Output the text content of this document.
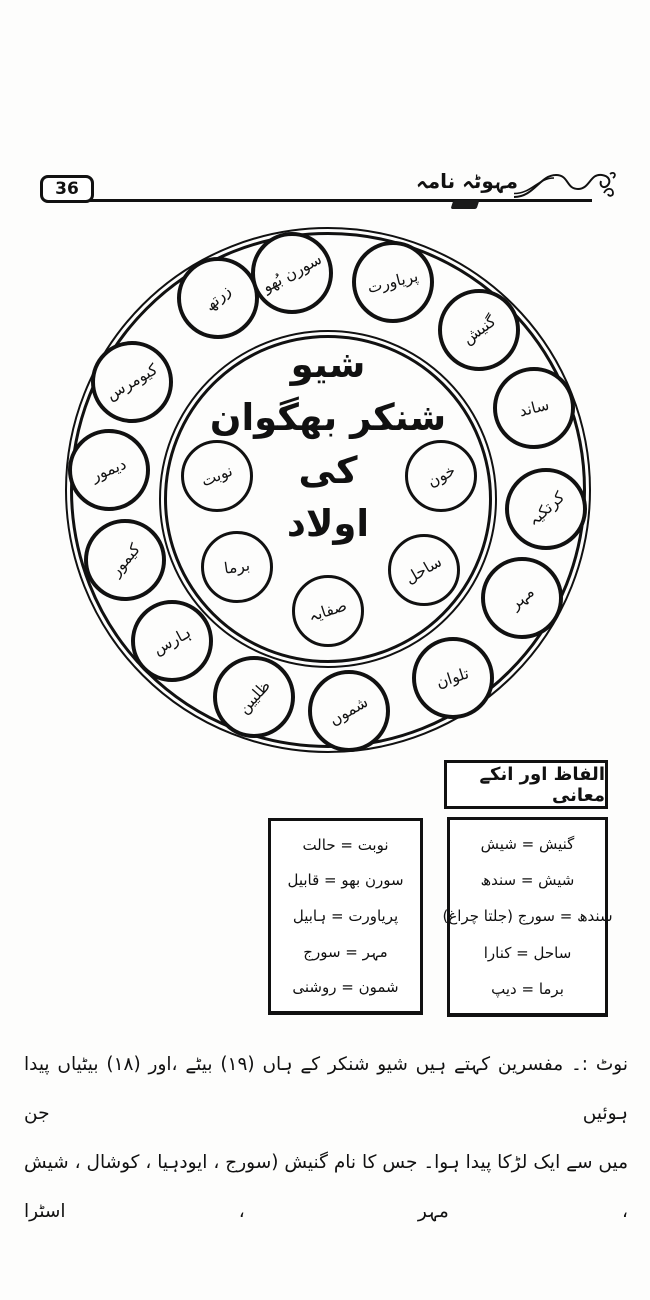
36	مہوٹہ نامہ
شیو
شنکر بھگوان
کی
اولاد
زرتھ
سورن بُھو	پریاورت
گنیش
ساند
کرتکیہ
مہر
تلوان
شموں
ظلیین
ہارس
کیمور
دیمور
کیومرس
نوبت
برما
صفایہ
ساحل
خون
الفاظ اور انکے معانی
گنیش = شیش
شیش = سندھ
سندھ = سورج (جلتا چراغ)
ساحل = کنارا
برما = دیپ
نوبت = حالت
سورن بھو = قابیل
پریاورت = ہابیل
مہر = سورج
شمون = روشنی
نوٹ :۔ مفسرین کہتے ہیں شیو شنکر کے ہاں (۱۹) بیٹے ،اور (۱۸) بیٹیاں پیدا ہوئیں جن
میں سے ایک لڑکا پیدا ہوا۔ جس کا نام گنیش (سورج ، ایودہیا ، کوشال ، شیش ، مہر ، اسٹرا
